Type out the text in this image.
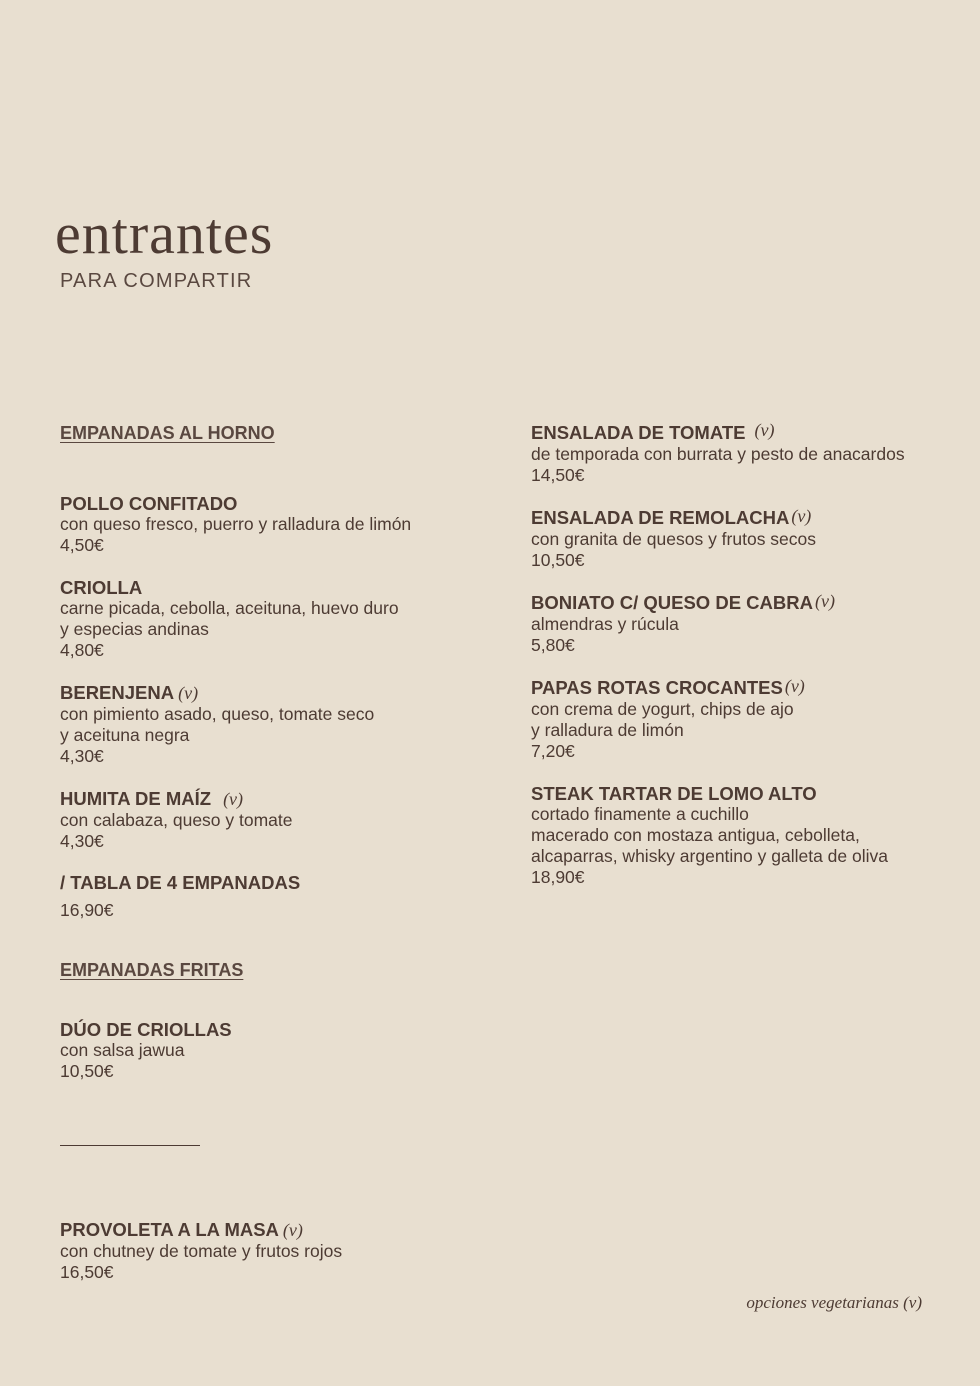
entrantes
PARA COMPARTIR
EMPANADAS AL HORNO
POLLO CONFITADO
con queso fresco, puerro y ralladura de limón
4,50€
CRIOLLA
carne picada, cebolla, aceituna, huevo duro
y especias andinas
4,80€
BERENJENA (v)
con pimiento asado, queso, tomate seco
y aceituna negra
4,30€
HUMITA DE MAÍZ (v)
con calabaza, queso y tomate
4,30€
/ TABLA DE 4 EMPANADAS
16,90€
EMPANADAS FRITAS
DÚO DE CRIOLLAS
con salsa jawua
10,50€
PROVOLETA A LA MASA (v)
con chutney de tomate y frutos rojos
16,50€
ENSALADA DE TOMATE (v)
de temporada con burrata y pesto de anacardos
14,50€
ENSALADA DE REMOLACHA (v)
con granita de quesos y frutos secos
10,50€
BONIATO C/ QUESO DE CABRA (v)
almendras y rúcula
5,80€
PAPAS ROTAS CROCANTES (v)
con crema de yogurt, chips de ajo
y ralladura de limón
7,20€
STEAK TARTAR DE LOMO ALTO
cortado finamente a cuchillo
macerado con mostaza antigua, cebolleta,
alcaparras, whisky argentino y galleta de oliva
18,90€
opciones vegetarianas (v)
